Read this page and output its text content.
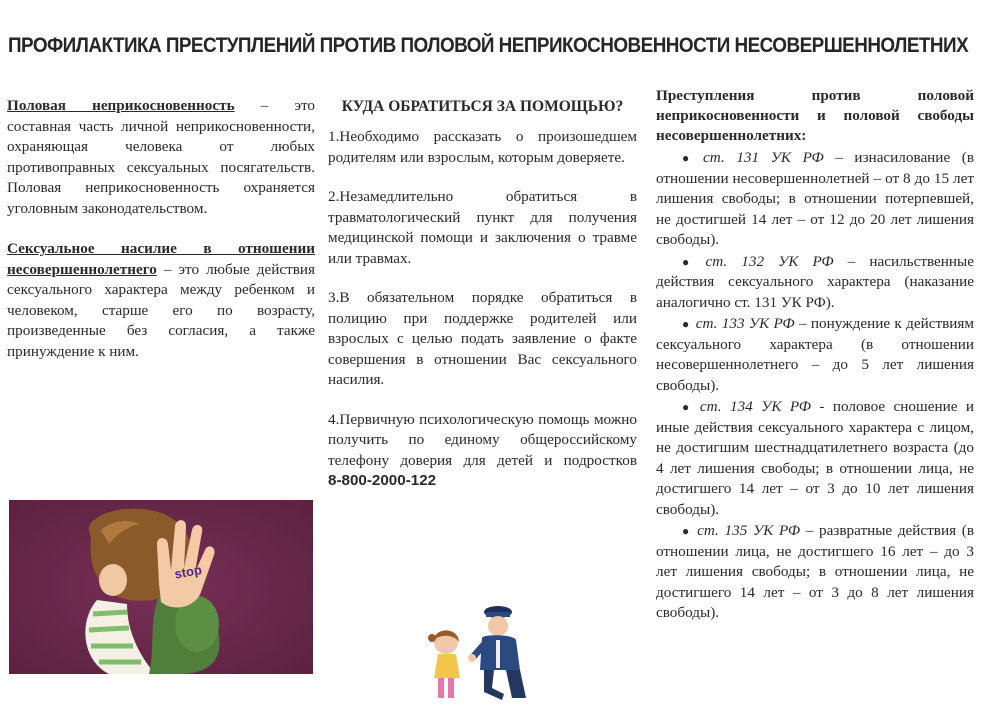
ПРОФИЛАКТИКА ПРЕСТУПЛЕНИЙ ПРОТИВ ПОЛОВОЙ НЕПРИКОСНОВЕННОСТИ НЕСОВЕРШЕННОЛЕТНИХ

Половая неприкосновенность – это составная часть личной неприкосновенности, охраняющая человека от любых противоправных сексуальных посягательств. Половая неприкосновенность охраняется уголовным законодательством.

Сексуальное насилие в отношении несовершеннолетнего – это любые действия сексуального характера между ребенком и человеком, старше его по возрасту, произведенные без согласия, а также принуждение к ним.

stop
КУДА ОБРАТИТЬСЯ ЗА ПОМОЩЬЮ?

1.Необходимо рассказать о произошедшем родителям или взрослым, которым доверяете.

2.Незамедлительно обратиться в травматологический пункт для получения медицинской помощи и заключения о травме или травмах.

3.В обязательном порядке обратиться в полицию при поддержке родителей или взрослых с целью подать заявление о факте совершения в отношении Вас сексуального насилия.

4.Первичную психологическую помощь можно получить по единому общероссийскому телефону доверия для детей и подростков 8-800-2000-122

Преступления против половой неприкосновенности и половой свободы несовершеннолетних:

● ст. 131 УК РФ – изнасилование (в отношении несовершеннолетней – от 8 до 15 лет лишения свободы; в отношении потерпевшей, не достигшей 14 лет – от 12 до 20 лет лишения свободы).

● ст. 132 УК РФ – насильственные действия сексуального характера (наказание аналогично ст. 131 УК РФ).

● ст. 133 УК РФ – понуждение к действиям сексуального характера (в отношении несовершеннолетнего – до 5 лет лишения свободы).

● ст. 134 УК РФ - половое сношение и иные действия сексуального характера с лицом, не достигшим шестнадцатилетнего возраста (до 4 лет лишения свободы; в отношении лица, не достигшего 14 лет – от 3 до 10 лет лишения свободы).

● ст. 135 УК РФ – развратные действия (в отношении лица, не достигшего 16 лет – до 3 лет лишения свободы; в отношении лица, не достигшего 14 лет – от 3 до 8 лет лишения свободы).
